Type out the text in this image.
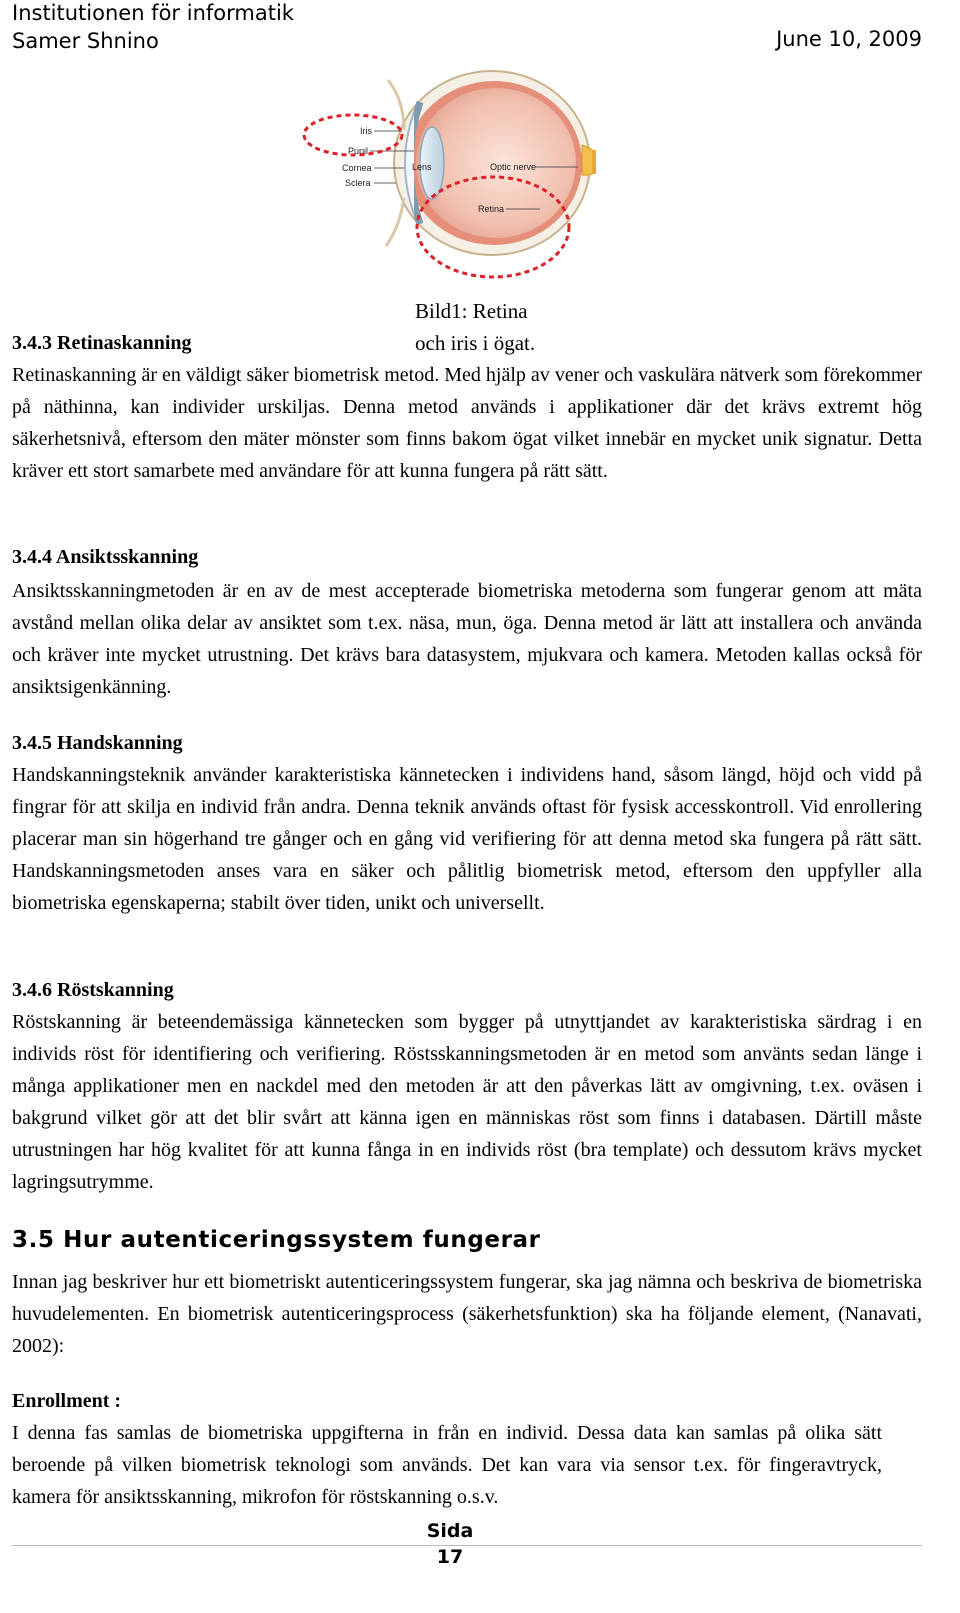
Institutionen för informatik
Samer Shnino	June 10, 2009
Iris
Pupil
Cornea
Sclera
Lens	Optic nerve
Retina
Bild1: Retina
och iris i ögat.
3.4.3 Retinaskanning

Retinaskanning är en väldigt säker biometrisk metod. Med hjälp av vener och vaskulära nätverk som förekommer på näthinna, kan individer urskiljas. Denna metod används i applikationer där det krävs extremt hög säkerhetsnivå, eftersom den mäter mönster som finns bakom ögat vilket innebär en mycket unik signatur. Detta kräver ett stort samarbete med användare för att kunna fungera på rätt sätt.

3.4.4 Ansiktsskanning

Ansiktsskanningmetoden är en av de mest accepterade biometriska metoderna som fungerar genom att mäta avstånd mellan olika delar av ansiktet som t.ex. näsa, mun, öga. Denna metod är lätt att installera och använda och kräver inte mycket utrustning. Det krävs bara datasystem, mjukvara och kamera. Metoden kallas också för ansiktsigenkänning.

3.4.5 Handskanning

Handskanningsteknik använder karakteristiska kännetecken i individens hand, såsom längd, höjd och vidd på fingrar för att skilja en individ från andra. Denna teknik används oftast för fysisk accesskontroll. Vid enrollering placerar man sin högerhand tre gånger och en gång vid verifiering för att denna metod ska fungera på rätt sätt. Handskanningsmetoden anses vara en säker och pålitlig biometrisk metod, eftersom den uppfyller alla biometriska egenskaperna; stabilt över tiden, unikt och universellt.

3.4.6 Röstskanning

Röstskanning är beteendemässiga kännetecken som bygger på utnyttjandet av karakteristiska särdrag i en individs röst för identifiering och verifiering. Röstsskanningsmetoden är en metod som använts sedan länge i många applikationer men en nackdel med den metoden är att den påverkas lätt av omgivning, t.ex. oväsen i bakgrund vilket gör att det blir svårt att känna igen en människas röst som finns i databasen. Därtill måste utrustningen har hög kvalitet för att kunna fånga in en individs röst (bra template) och dessutom krävs mycket lagringsutrymme.

3.5 Hur autenticeringssystem fungerar

Innan jag beskriver hur ett biometriskt autenticeringssystem fungerar, ska jag nämna och beskriva de biometriska huvudelementen. En biometrisk autenticeringsprocess (säkerhetsfunktion) ska ha följande element, (Nanavati, 2002):

Enrollment :

I denna fas samlas de biometriska uppgifterna in från en individ. Dessa data kan samlas på olika sätt beroende på vilken biometrisk teknologi som används. Det kan vara via sensor t.ex. för fingeravtryck, kamera för ansiktsskanning, mikrofon för röstskanning o.s.v.

Sida
17
